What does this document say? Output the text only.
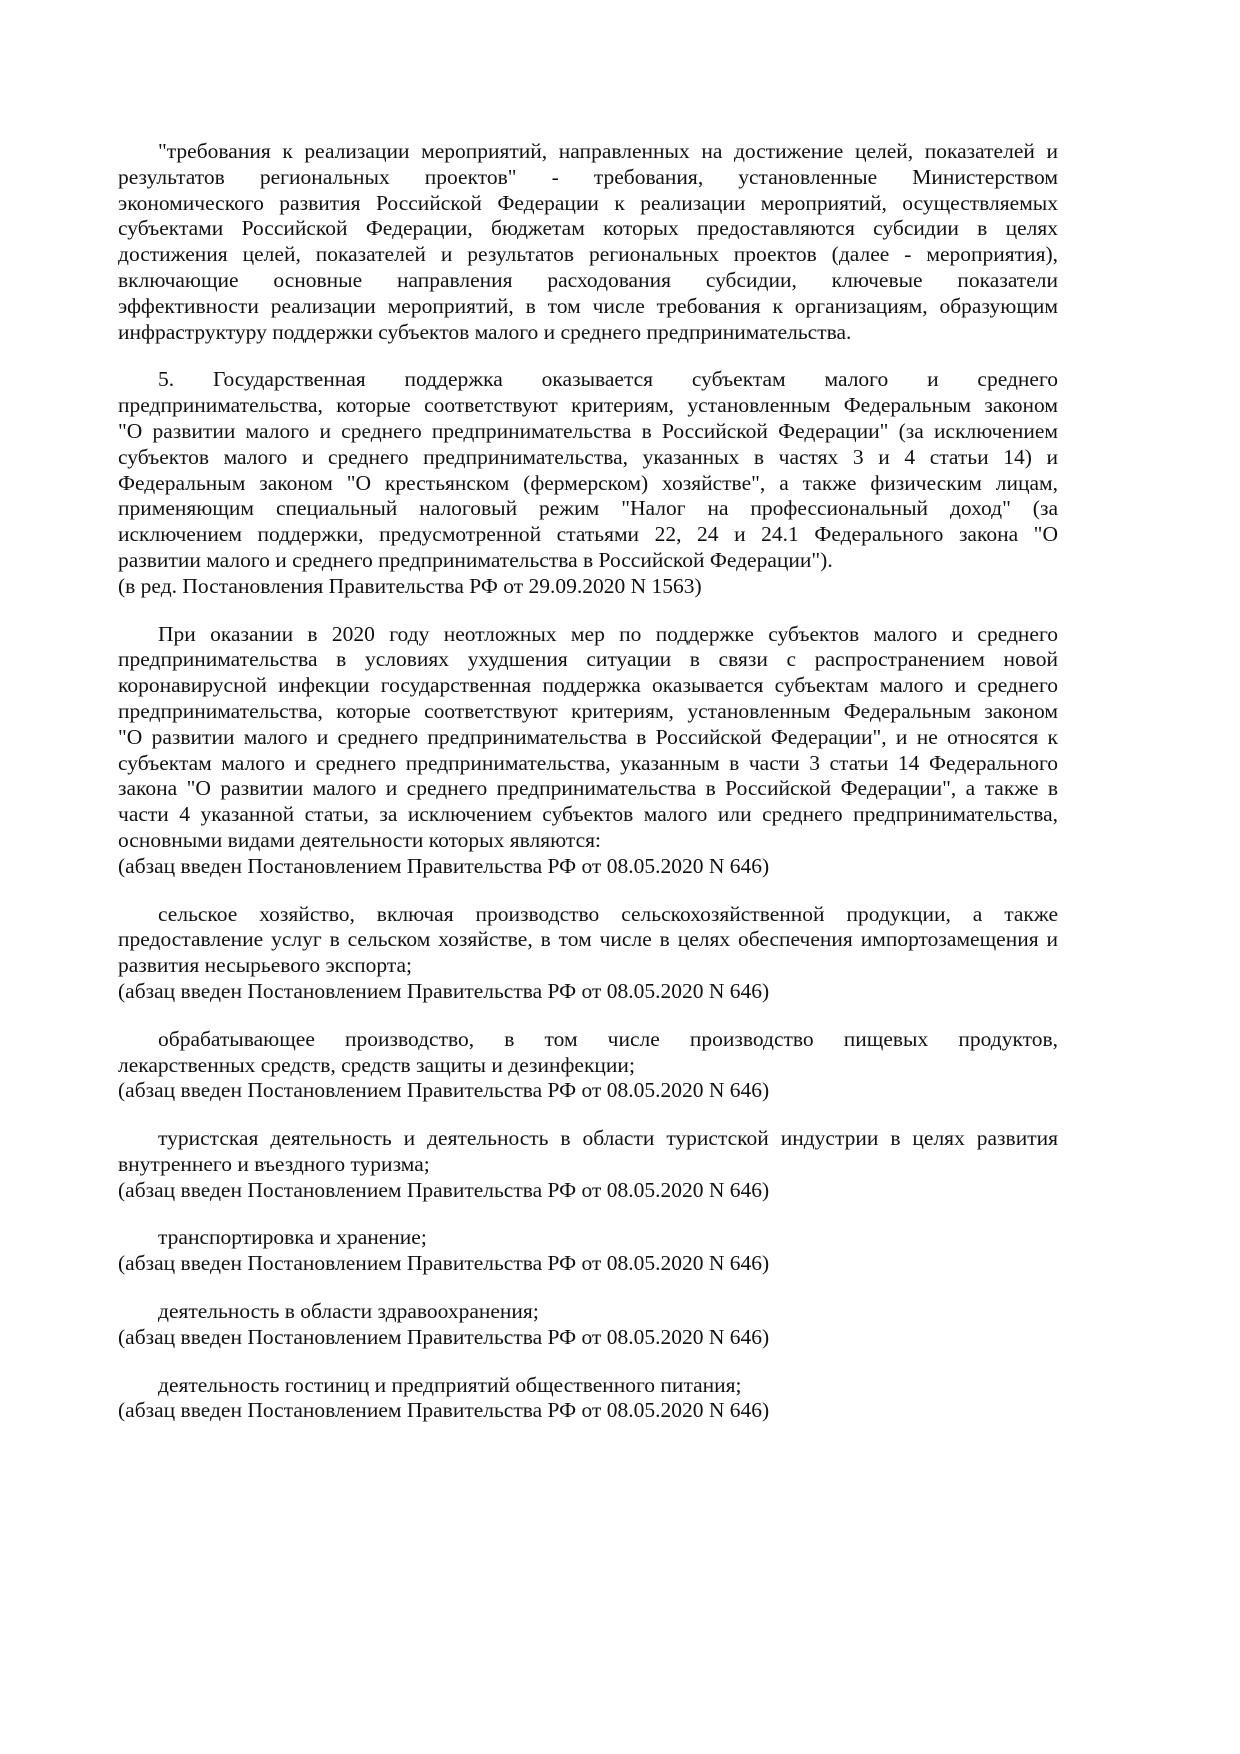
"требования к реализации мероприятий, направленных на достижение целей, показателей и
результатов региональных проектов" - требования, установленные Министерством
экономического развития Российской Федерации к реализации мероприятий, осуществляемых
субъектами Российской Федерации, бюджетам которых предоставляются субсидии в целях
достижения целей, показателей и результатов региональных проектов (далее - мероприятия),
включающие основные направления расходования субсидии, ключевые показатели
эффективности реализации мероприятий, в том числе требования к организациям, образующим
инфраструктуру поддержки субъектов малого и среднего предпринимательства.
5. Государственная поддержка оказывается субъектам малого и среднего
предпринимательства, которые соответствуют критериям, установленным Федеральным законом
"О развитии малого и среднего предпринимательства в Российской Федерации" (за исключением
субъектов малого и среднего предпринимательства, указанных в частях 3 и 4 статьи 14) и
Федеральным законом "О крестьянском (фермерском) хозяйстве", а также физическим лицам,
применяющим специальный налоговый режим "Налог на профессиональный доход" (за
исключением поддержки, предусмотренной статьями 22, 24 и 24.1 Федерального закона "О
развитии малого и среднего предпринимательства в Российской Федерации").
(в ред. Постановления Правительства РФ от 29.09.2020 N 1563)
При оказании в 2020 году неотложных мер по поддержке субъектов малого и среднего
предпринимательства в условиях ухудшения ситуации в связи с распространением новой
коронавирусной инфекции государственная поддержка оказывается субъектам малого и среднего
предпринимательства, которые соответствуют критериям, установленным Федеральным законом
"О развитии малого и среднего предпринимательства в Российской Федерации", и не относятся к
субъектам малого и среднего предпринимательства, указанным в части 3 статьи 14 Федерального
закона "О развитии малого и среднего предпринимательства в Российской Федерации", а также в
части 4 указанной статьи, за исключением субъектов малого или среднего предпринимательства,
основными видами деятельности которых являются:
(абзац введен Постановлением Правительства РФ от 08.05.2020 N 646)
сельское хозяйство, включая производство сельскохозяйственной продукции, а также
предоставление услуг в сельском хозяйстве, в том числе в целях обеспечения импортозамещения и
развития несырьевого экспорта;
(абзац введен Постановлением Правительства РФ от 08.05.2020 N 646)
обрабатывающее производство, в том числе производство пищевых продуктов,
лекарственных средств, средств защиты и дезинфекции;
(абзац введен Постановлением Правительства РФ от 08.05.2020 N 646)
туристская деятельность и деятельность в области туристской индустрии в целях развития
внутреннего и въездного туризма;
(абзац введен Постановлением Правительства РФ от 08.05.2020 N 646)
транспортировка и хранение;
(абзац введен Постановлением Правительства РФ от 08.05.2020 N 646)
деятельность в области здравоохранения;
(абзац введен Постановлением Правительства РФ от 08.05.2020 N 646)
деятельность гостиниц и предприятий общественного питания;
(абзац введен Постановлением Правительства РФ от 08.05.2020 N 646)
